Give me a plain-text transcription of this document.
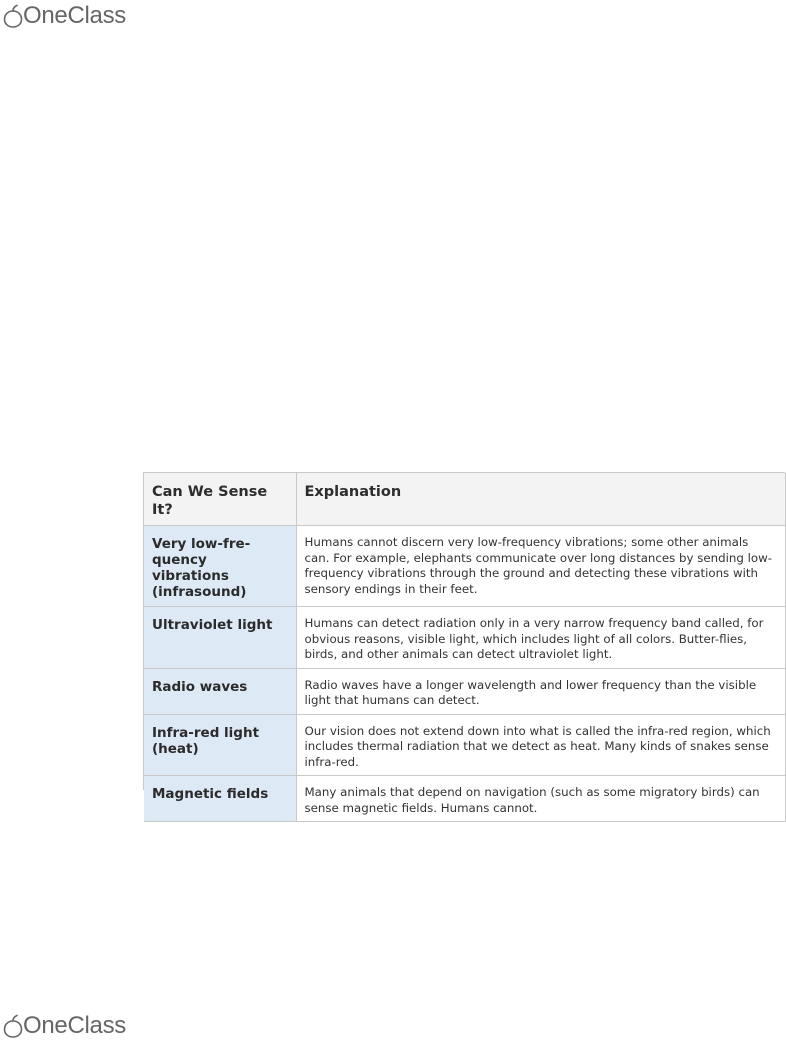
OneClass
Can We Sense It?	Explanation
Very low-fre-quency vibrations (infrasound)	Humans cannot discern very low-frequency vibrations; some other animals can. For example, elephants communicate over long distances by sending low-frequency vibrations through the ground and detecting these vibrations with sensory endings in their feet.
Ultraviolet light	Humans can detect radiation only in a very narrow frequency band called, for obvious reasons, visible light, which includes light of all colors. Butter-flies, birds, and other animals can detect ultraviolet light.
Radio waves	Radio waves have a longer wavelength and lower frequency than the visible light that humans can detect.
Infra-red light (heat)	Our vision does not extend down into what is called the infra-red region, which includes thermal radiation that we detect as heat. Many kinds of snakes sense infra-red.
Magnetic fields	Many animals that depend on navigation (such as some migratory birds) can sense magnetic fields. Humans cannot.
OneClass
